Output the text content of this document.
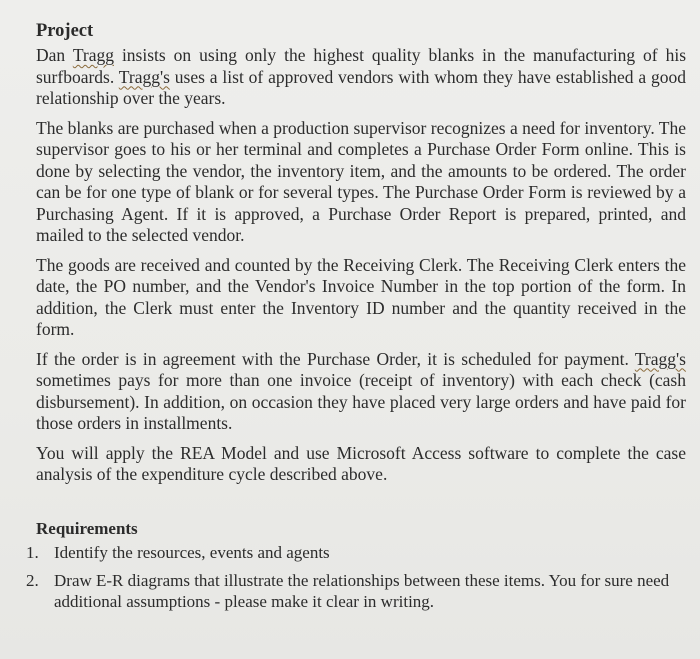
Project

Dan Tragg insists on using only the highest quality blanks in the manufacturing of his surfboards. Tragg's uses a list of approved vendors with whom they have established a good relationship over the years.

The blanks are purchased when a production supervisor recognizes a need for inventory. The supervisor goes to his or her terminal and completes a Purchase Order Form online. This is done by selecting the vendor, the inventory item, and the amounts to be ordered. The order can be for one type of blank or for several types. The Purchase Order Form is reviewed by a Purchasing Agent. If it is approved, a Purchase Order Report is prepared, printed, and mailed to the selected vendor.

The goods are received and counted by the Receiving Clerk. The Receiving Clerk enters the date, the PO number, and the Vendor's Invoice Number in the top portion of the form. In addition, the Clerk must enter the Inventory ID number and the quantity received in the form.

If the order is in agreement with the Purchase Order, it is scheduled for payment. Tragg's sometimes pays for more than one invoice (receipt of inventory) with each check (cash disbursement). In addition, on occasion they have placed very large orders and have paid for those orders in installments.

You will apply the REA Model and use Microsoft Access software to complete the case analysis of the expenditure cycle described above.

Requirements
1. Identify the resources, events and agents
2. Draw E-R diagrams that illustrate the relationships between these items. You for sure need additional assumptions - please make it clear in writing.
